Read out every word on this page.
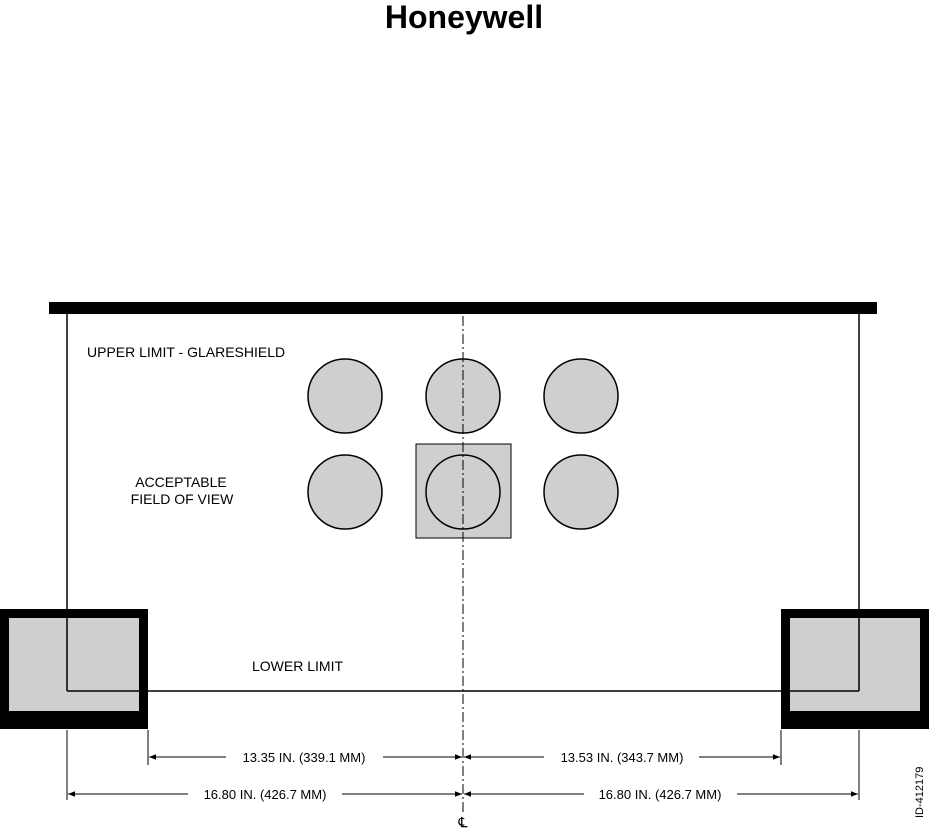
Honeywell
UPPER LIMIT - GLARESHIELD
ACCEPTABLE
FIELD OF VIEW
LOWER LIMIT
13.35 IN. (339.1 MM)	13.53 IN. (343.7 MM)
16.80 IN. (426.7 MM)	16.80 IN. (426.7 MM)
℄
ID-412179
